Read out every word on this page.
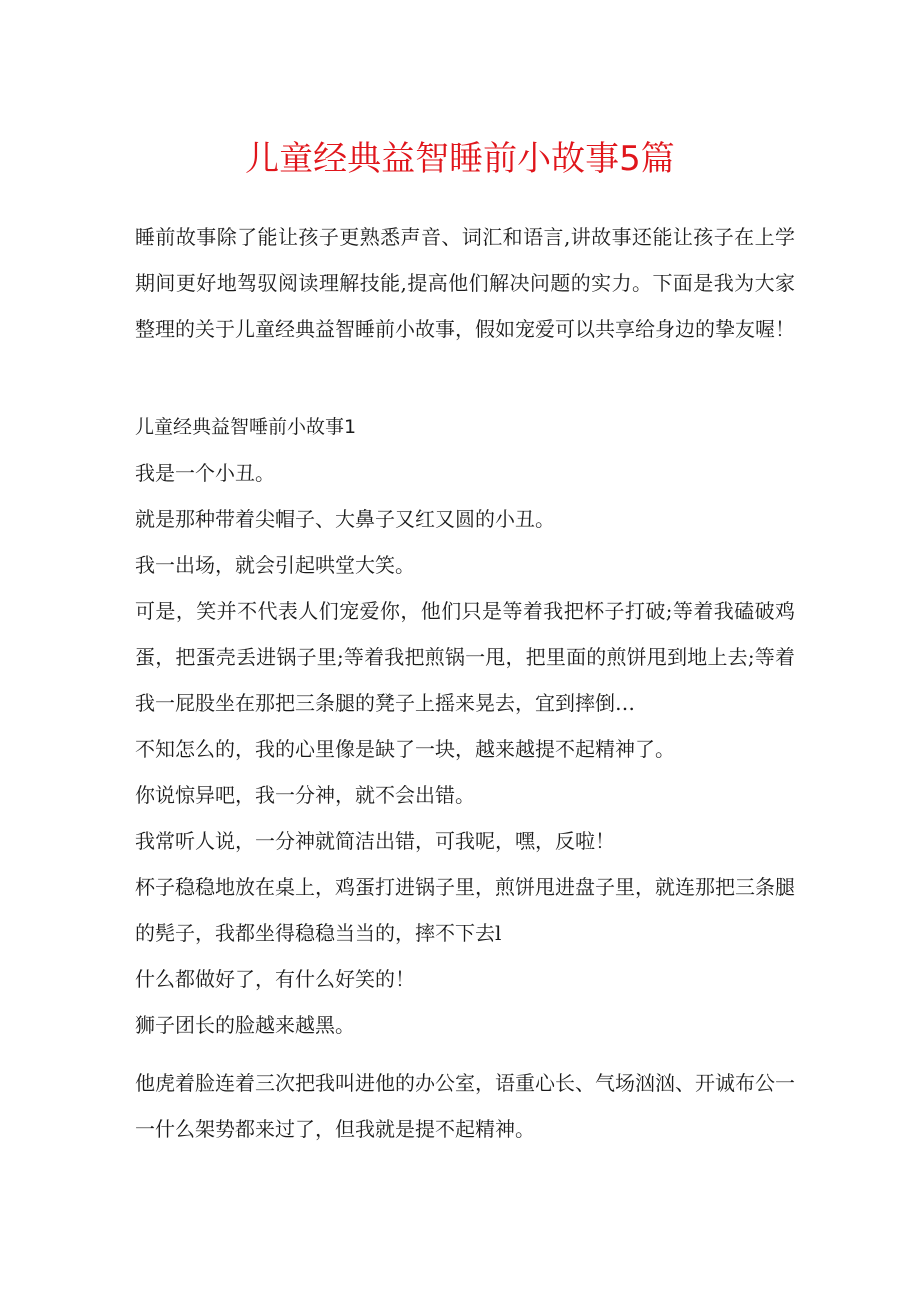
儿童经典益智睡前小故事5篇

睡前故事除了能让孩子更熟悉声音、词汇和语言,讲故事还能让孩子在上学期间更好地驾驭阅读理解技能,提高他们解决问题的实力。下面是我为大家整理的关于儿童经典益智睡前小故事，假如宠爱可以共享给身边的挚友喔！

儿童经典益智唾前小故事1

我是一个小丑。

就是那种带着尖帽子、大鼻子又红又圆的小丑。

我一出场，就会引起哄堂大笑。

可是，笑并不代表人们宠爱你，他们只是等着我把杯子打破;等着我磕破鸡蛋，把蛋壳丢进锅子里;等着我把煎锅一甩，把里面的煎饼甩到地上去;等着我一屁股坐在那把三条腿的凳子上摇来晃去，宜到摔倒…

不知怎么的，我的心里像是缺了一块，越来越提不起精神了。

你说惊异吧，我一分神，就不会出错。

我常听人说，一分神就简洁出错，可我呢，嘿，反啦！

杯子稳稳地放在桌上，鸡蛋打进锅子里，煎饼甩进盘子里，就连那把三条腿的髡子，我都坐得稳稳当当的，摔不下去l

什么都做好了，有什么好笑的！

狮子团长的脸越来越黑。

他虎着脸连着三次把我叫进他的办公室，语重心长、气场汹汹、开诚布公一一什么架势都来过了，但我就是提不起精神。
